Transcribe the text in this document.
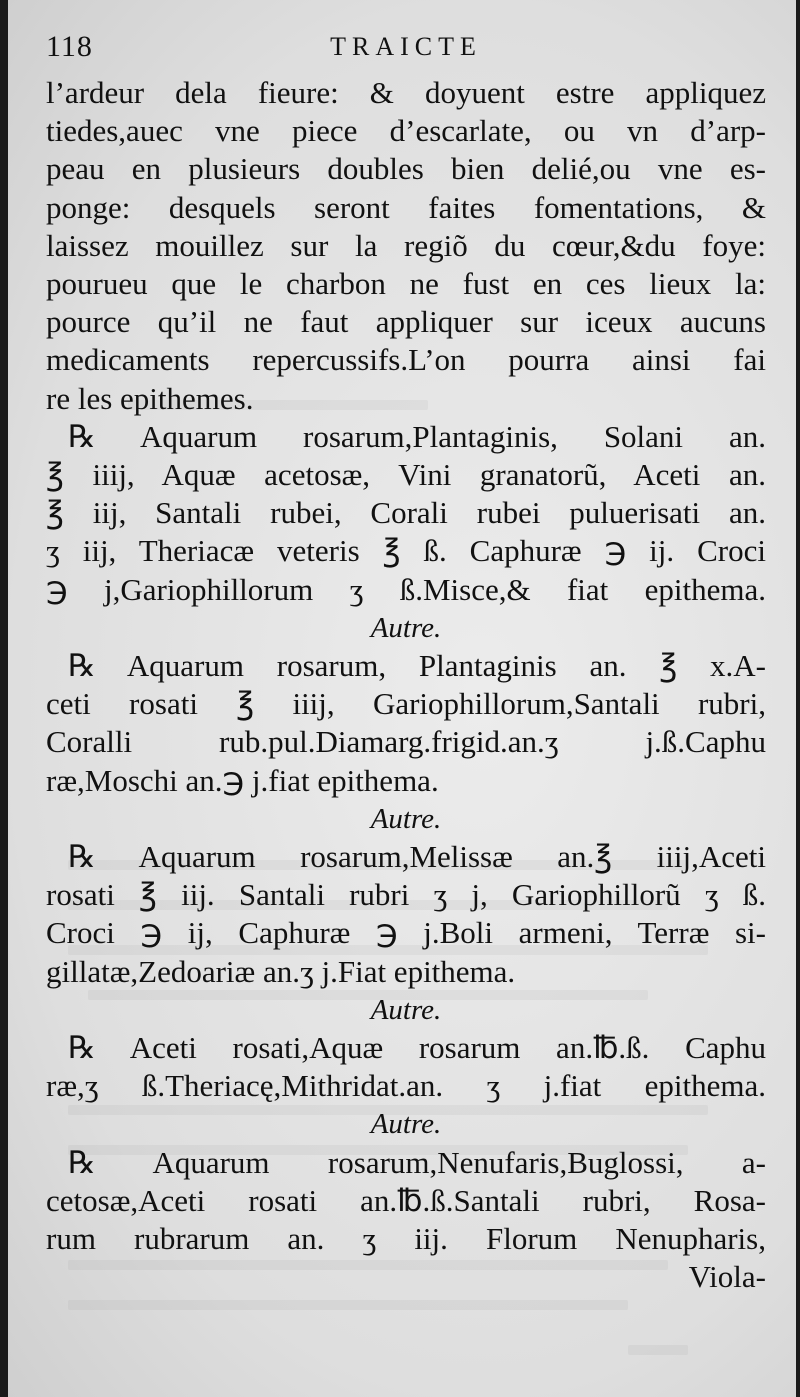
118	TRAICTE
l’ardeur dela fieure: & doyuent estre appliquez
tiedes,auec vne piece d’escarlate, ou vn d’arp-
peau en plusieurs doubles bien delié,ou vne es-
ponge: desquels seront faites fomentations, &
laissez mouillez sur la regiõ du cœur,&du foye:
pourueu que le charbon ne fust en ces lieux la:
pource qu’il ne faut appliquer sur iceux aucuns
medicaments repercussifs.L’on pourra ainsi fai
re les epithemes.
℞ Aquarum rosarum,Plantaginis, Solani an.
℥ iiij, Aquæ acetosæ, Vini granatorũ, Aceti an.
℥ iij, Santali rubei, Corali rubei puluerisati an.
ʒ iij, Theriacæ veteris ℥ ß. Caphuræ ℈ ij. Croci
℈ j,Gariophillorum ʒ ß.Misce,& fiat epithema.
Autre.
℞ Aquarum rosarum, Plantaginis an. ℥ x.A-
ceti rosati ℥ iiij, Gariophillorum,Santali rubri,
Coralli rub.pul.Diamarg.frigid.an.ʒ j.ß.Caphu
ræ,Moschi an.℈ j.fiat epithema.
Autre.
℞ Aquarum rosarum,Melissæ an.℥ iiij,Aceti
rosati ℥ iij. Santali rubri ʒ j, Gariophillorũ ʒ ß.
Croci ℈ ij, Caphuræ ℈ j.Boli armeni, Terræ si-
gillatæ,Zedoariæ an.ʒ j.Fiat epithema.
Autre.
℞ Aceti rosati,Aquæ rosarum an.℔.ß. Caphu
ræ,ʒ ß.Theriacę,Mithridat.an. ʒ j.fiat epithema.
Autre.
℞ Aquarum rosarum,Nenufaris,Buglossi, a-
cetosæ,Aceti rosati an.℔.ß.Santali rubri, Rosa-
rum rubrarum an. ʒ iij. Florum Nenupharis,
Viola-
